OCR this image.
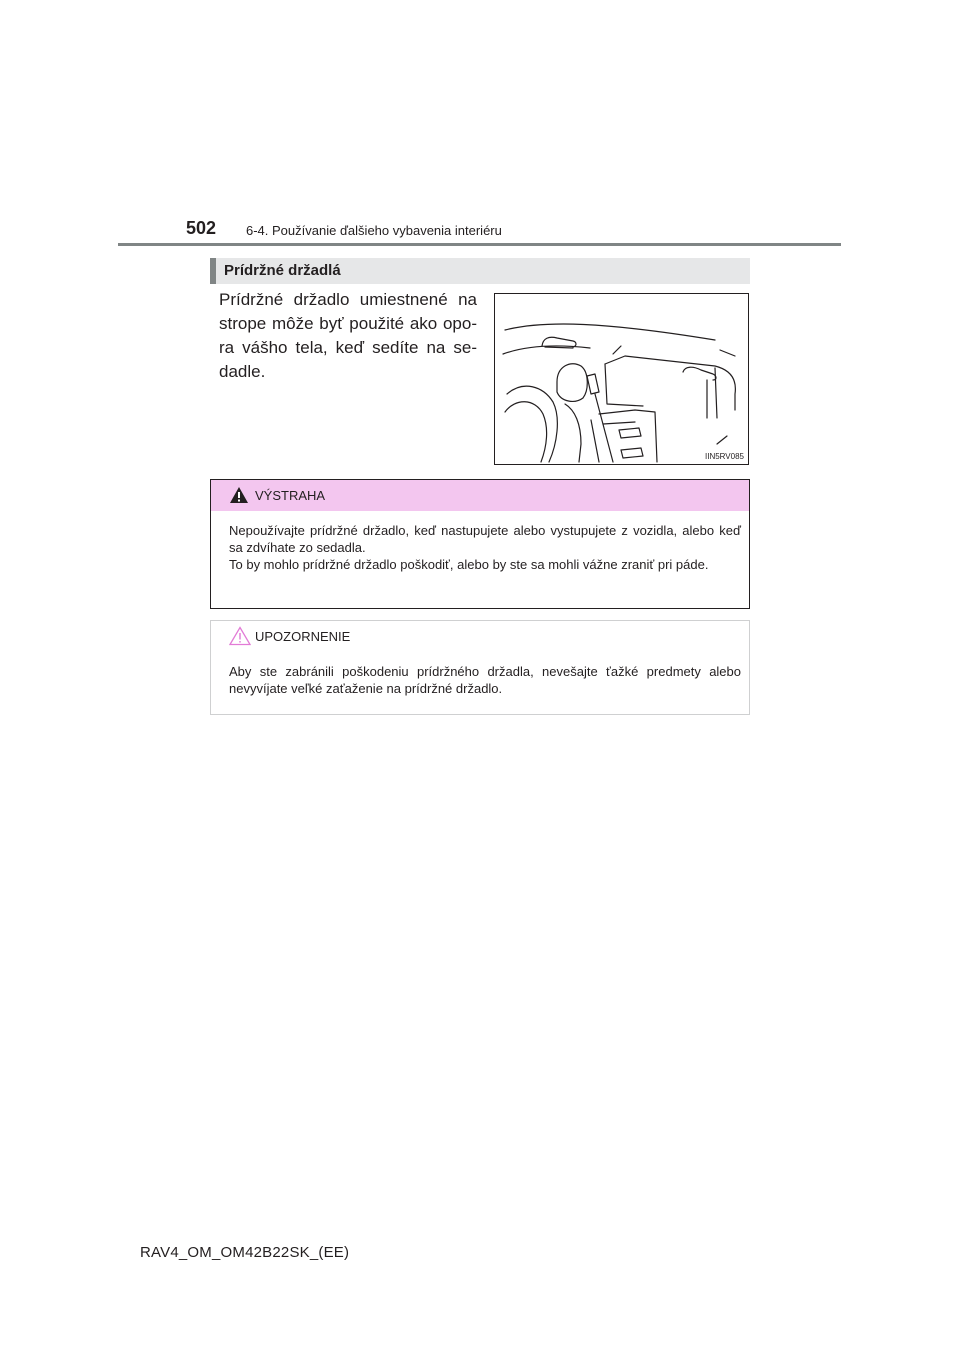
502 6-4. Používanie ďalšieho vybavenia interiéru
Prídržné držadlá
Prídržné držadlo umiestnené na strope môže byť použité ako opo-ra vášho tela, keď sedíte na se-dadle.
IIN5RV085
VÝSTRAHA

Nepoužívajte prídržné držadlo, keď nastupujete alebo vystupujete z vozidla, alebo keď sa zdvíhate zo sedadla.

To by mohlo prídržné držadlo poškodiť, alebo by ste sa mohli vážne zraniť pri páde.

UPOZORNENIE
Aby ste zabránili poškodeniu prídržného držadla, nevešajte ťažké predmety alebo nevyvíjate veľké zaťaženie na prídržné držadlo.
RAV4_OM_OM42B22SK_(EE)
